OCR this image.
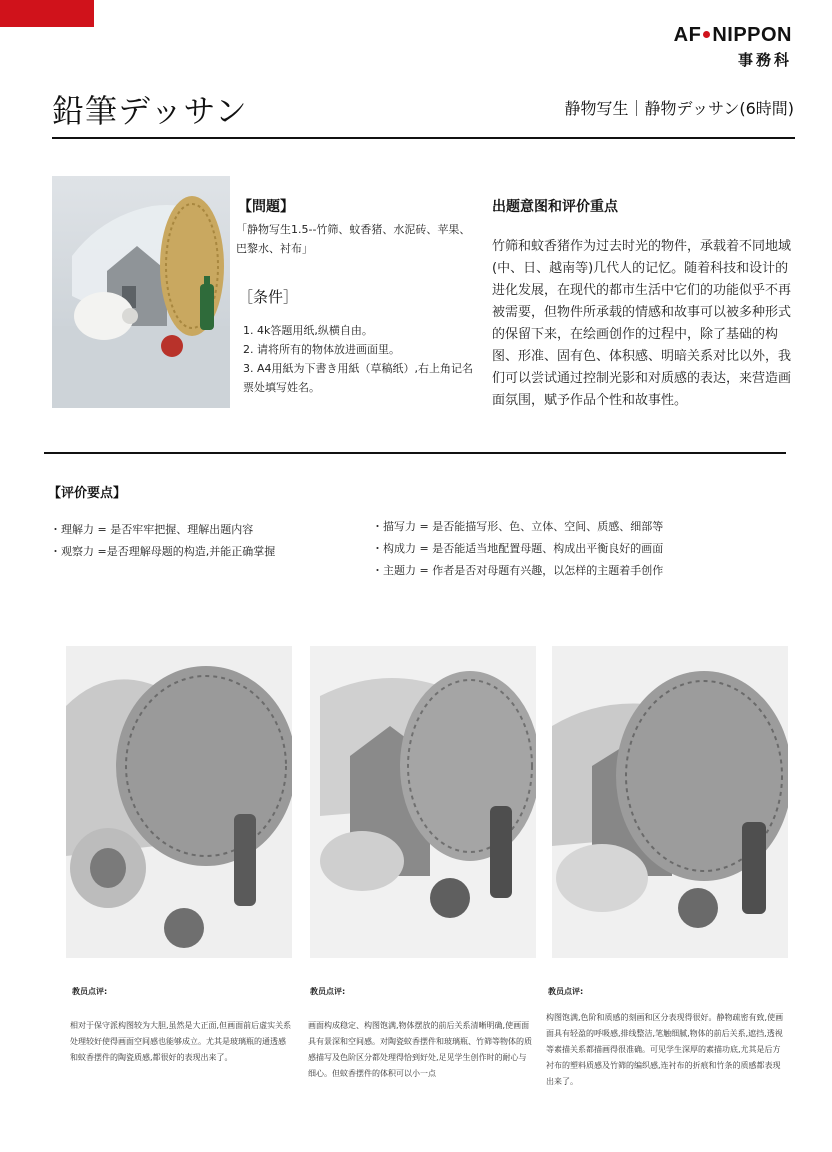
AF NIPPON
事務科
鉛筆デッサン	静物写生｜静物デッサン(6時間)
【問題】
「静物写生1.5--竹筛、蚊香猪、水泥砖、苹果、巴黎水、衬布」
［条件］
1. 4k答题用纸,纵横自由。
2. 请将所有的物体放进画面里。
3. A4用紙为下書き用紙（草稿纸）,右上角记名票处填写姓名。
出题意图和评价重点
竹筛和蚊香猪作为过去时光的物件，承载着不同地域(中、日、越南等)几代人的记忆。随着科技和设计的进化发展，在现代的都市生活中它们的功能似乎不再被需要，但物件所承载的情感和故事可以被多种形式的保留下来，在绘画创作的过程中，除了基础的构图、形准、固有色、体积感、明暗关系对比以外，我们可以尝试通过控制光影和对质感的表达，来营造画面氛围，赋予作品个性和故事性。
【评价要点】
・理解力 = 是否牢牢把握、理解出题内容
・观察力 =是否理解母题的构造,并能正确掌握
・描写力 = 是否能描写形、色、立体、空间、质感、细部等
・构成力 = 是否能适当地配置母题、构成出平衡良好的画面
・主题力 = 作者是否对母题有兴趣，以怎样的主题着手创作
教员点评:
相对于保守派构图较为大胆,虽然是大正面,但画面前后虚实关系处理较好使得画面空间感也能够成立。尤其是玻璃瓶的通透感和蚊香摆件的陶瓷质感,都很好的表现出来了。
教员点评:
画面构成稳定、构图饱满,物体摆放的前后关系清晰明确,使画面具有景深和空间感。对陶瓷蚊香摆件和玻璃瓶、竹筛等物体的质感描写及色阶区分都处理得恰到好处,足见学生创作时的耐心与细心。但蚊香摆件的体积可以小一点
教员点评:
构图饱满,色阶和质感的刻画和区分表现得很好。静物疏密有致,使画面具有轻盈的呼吸感,排线整洁,笔触细腻,物体的前后关系,遮挡,透视等素描关系都描画得很准确。可见学生深厚的素描功底,尤其是后方衬布的塑料质感及竹筛的编织感,连衬布的折痕和竹条的质感都表现出来了。
